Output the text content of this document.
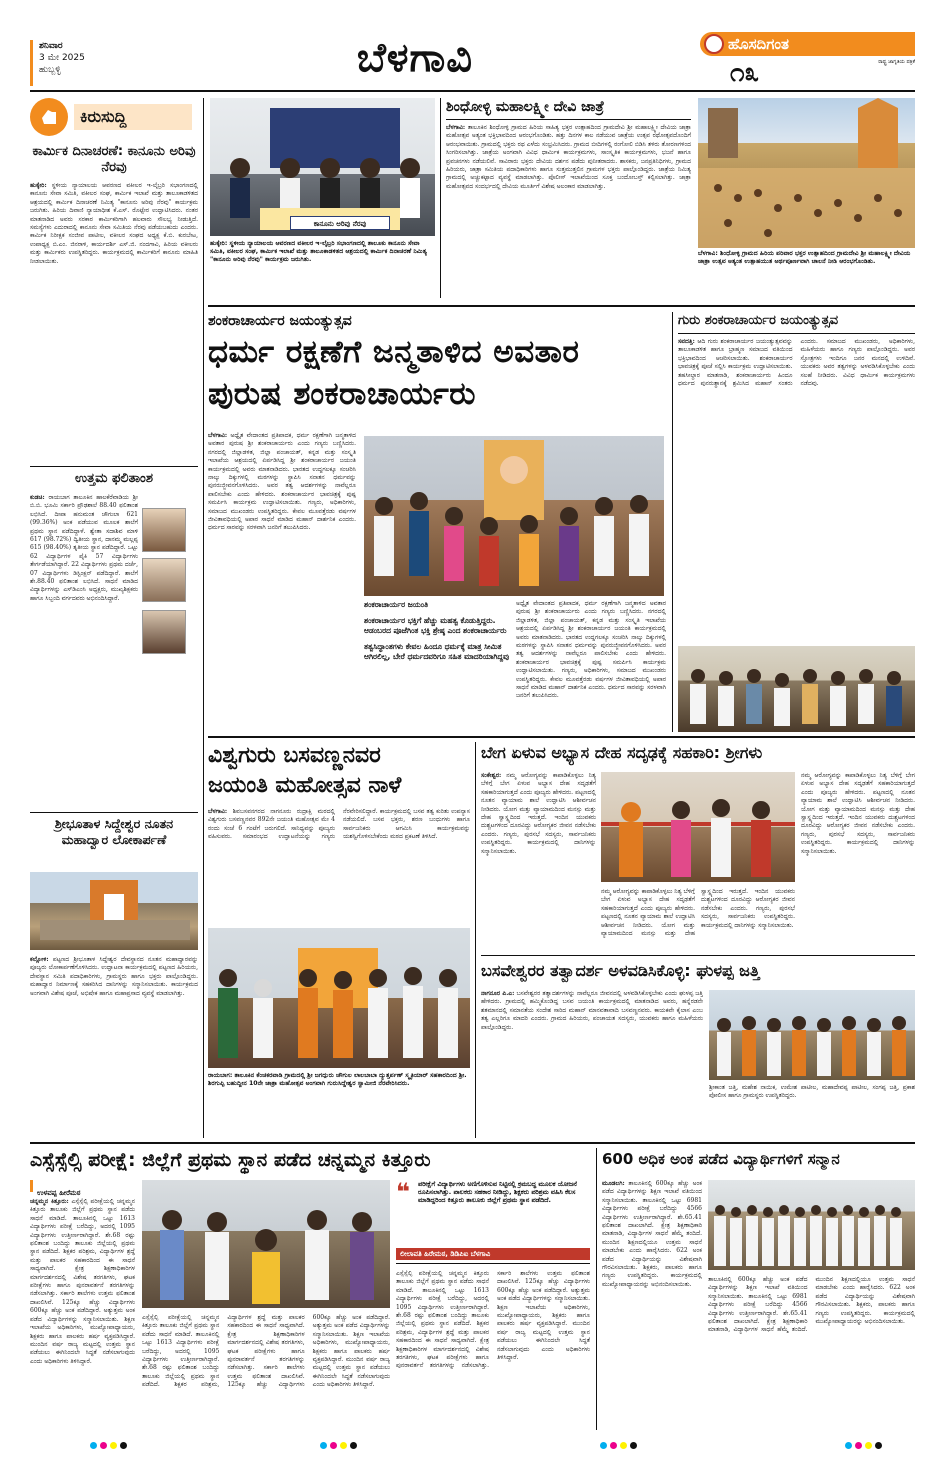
ಶನಿವಾರ
3 ಮೇ 2025
ಹುಬ್ಬಳ್ಳಿ	ಬೆಳಗಾವಿ	ಹೊಸದಿಗಂತ
ರಾಷ್ಟ್ರ ಜಾಗೃತಿಯ ಪತ್ರಿಕೆ
೧೩
ಕಿರುಸುದ್ದಿ
ಕಾರ್ಮಿಕ ದಿನಾಚರಣೆ: ಕಾನೂನು ಅರಿವು ನೆರವು
ಹುಕ್ಕೇರಿ: ಸ್ಥಳೀಯ ನ್ಯಾಯಾಲಯ ಆವರಣದ ವಕೀಲರ ಇ-ಲೈಬ್ರರಿ ಸಭಾಂಗಣದಲ್ಲಿ ಕಾನೂನು ಸೇವಾ ಸಮಿತಿ, ವಕೀಲರ ಸಂಘ, ಕಾರ್ಮಿಕ ಇಲಾಖೆ ಮತ್ತು ತಾಲೂಕಾಡಳಿತದ ಆಶ್ರಯದಲ್ಲಿ ಕಾರ್ಮಿಕ ದಿನಾಚರಣೆ ನಿಮಿತ್ಯ "ಕಾನೂನು ಅರಿವು ನೆರವು" ಕಾರ್ಯಕ್ರಮ ಜರುಗಿತು. ಹಿರಿಯ ದಿವಾಣಿ ನ್ಯಾಯಾಧೀಶ ಕೆ.ಎಸ್. ರೊಟ್ಟೇರ ಉದ್ಘಾಟಿಸಿದರು. ನಂತರ ಮಾತನಾಡಿದ ಅವರು ಸರಕಾರ ಕಾರ್ಮಿಕರಿಗಾಗಿ ಹಲವಾರು ಸೌಲಭ್ಯ ನೀಡುತ್ತಿದೆ. ಸಮಸ್ಯೆಗಳು ಎದುರಾದಲ್ಲಿ ಕಾನೂನು ಸೇವಾ ಸಮಿತಿಯ ನೆರವು ಪಡೆಯಬಹುದು ಎಂದರು. ಕಾರ್ಮಿಕ ನಿರೀಕ್ಷಕ ಸಂಜೀವ ಪಾಟೀಲ, ವಕೀಲರ ಸಂಘದ ಅಧ್ಯಕ್ಷ ಕೆ.ಬಿ. ಕುರಬೇಟ, ಉಪಾಧ್ಯಕ್ಷ ಬಿ.ಎಂ. ಜಿನರಾಳಿ, ಕಾರ್ಯದರ್ಶಿ ಎಸ್.ಜಿ. ನಂದಗಾವಿ, ಹಿರಿಯ ವಕೀಲರು ಮತ್ತು ಕಾರ್ಮಿಕರು ಉಪಸ್ಥಿತರಿದ್ದರು. ಕಾರ್ಯಕ್ರಮದಲ್ಲಿ ಕಾರ್ಮಿಕರಿಗೆ ಕಾನೂನು ಮಾಹಿತಿ ನೀಡಲಾಯಿತು.
ಉತ್ತಮ ಫಲಿತಾಂಶ
ಕುಡಚಿ: ರಾಯಬಾಗ ತಾಲೂಕಿನ ಹಾಲಕೆರೆವಾಡಿಯ ಶ್ರೀ ಬಿ.ಬಿ. ಭೂಮಿ ಸರ್ಕಾರಿ ಪ್ರೌಢಶಾಲೆ 88.40 ಫಲಿತಾಂಶ ಲಭಿಸಿದೆ. ದೀಪಾ ಹನುಮಂತ ಚೌಗುಲಾ 621 (99.36%) ಅಂಕ ಪಡೆಯುವ ಮೂಲಕ ಶಾಲೆಗೆ ಪ್ರಥಮ ಸ್ಥಾನ ಪಡೆದಿದ್ದಾಳೆ. ಶ್ವೇತಾ ಸದಾಶಿವ ಮಾಳಿ 617 (98.72%) ದ್ವಿತೀಯ ಸ್ಥಾನ, ದಾನಮ್ಮ ಮಲ್ಲಪ್ಪ 615 (98.40%) ತೃತೀಯ ಸ್ಥಾನ ಪಡೆದಿದ್ದಾರೆ. ಒಟ್ಟು 62 ವಿದ್ಯಾರ್ಥಿಗಳ ಪೈಕಿ 57 ವಿದ್ಯಾರ್ಥಿಗಳು ತೇರ್ಗಡೆಯಾಗಿದ್ದಾರೆ. 22 ವಿದ್ಯಾರ್ಥಿಗಳು ಪ್ರಥಮ ದರ್ಜೆ, 07 ವಿದ್ಯಾರ್ಥಿಗಳು ಡಿಸ್ಟಿಂಕ್ಷನ್ ಪಡೆದಿದ್ದಾರೆ. ಶಾಲೆಗೆ ಶೇ.88.40 ಫಲಿತಾಂಶ ಲಭಿಸಿದೆ. ಸಾಧನೆ ಮಾಡಿದ ವಿದ್ಯಾರ್ಥಿಗಳನ್ನು ಎಸ್‌ಡಿಎಂಸಿ ಅಧ್ಯಕ್ಷರು, ಮುಖ್ಯಶಿಕ್ಷಕರು ಹಾಗೂ ಸಿಬ್ಬಂದಿ ವರ್ಗದವರು ಅಭಿನಂದಿಸಿದ್ದಾರೆ.
ಶ್ರೀಭೂತಾಳ ಸಿದ್ದೇಶ್ವರ ನೂತನ ಮಹಾದ್ವಾರ ಲೋಕಾರ್ಪಣೆ
ಕಲ್ಲೋಳಿ: ಪಟ್ಟಣದ ಶ್ರೀಭೂತಾಳ ಸಿದ್ದೇಶ್ವರ ದೇವಸ್ಥಾನದ ನೂತನ ಮಹಾದ್ವಾರವನ್ನು ಪೂಜ್ಯರು ಲೋಕಾರ್ಪಣೆಗೊಳಿಸಿದರು. ಉದ್ಘಾಟನಾ ಕಾರ್ಯಕ್ರಮದಲ್ಲಿ ಪಟ್ಟಣದ ಹಿರಿಯರು, ದೇವಸ್ಥಾನ ಸಮಿತಿ ಪದಾಧಿಕಾರಿಗಳು, ಗ್ರಾಮಸ್ಥರು ಹಾಗೂ ಭಕ್ತರು ಪಾಲ್ಗೊಂಡಿದ್ದರು. ಮಹಾದ್ವಾರ ನಿರ್ಮಾಣಕ್ಕೆ ಸಹಕರಿಸಿದ ದಾನಿಗಳನ್ನು ಸನ್ಮಾನಿಸಲಾಯಿತು. ಕಾರ್ಯಕ್ರಮದ ಅಂಗವಾಗಿ ವಿಶೇಷ ಪೂಜೆ, ಅಭಿಷೇಕ ಹಾಗೂ ಮಹಾಪ್ರಸಾದ ವ್ಯವಸ್ಥೆ ಮಾಡಲಾಗಿತ್ತು.
ಕಾನೂನು ಅರಿವು ನೆರವು
ಹುಕ್ಕೇರಿ: ಸ್ಥಳೀಯ ನ್ಯಾಯಾಲಯ ಆವರಣದ ವಕೀಲರ ಇ-ಲೈಬ್ರರಿ ಸಭಾಂಗಣದಲ್ಲಿ ತಾಲೂಕು ಕಾನೂನು ಸೇವಾ ಸಮಿತಿ, ವಕೀಲರ ಸಂಘ, ಕಾರ್ಮಿಕ ಇಲಾಖೆ ಮತ್ತು ತಾಲೂಕಾಡಳಿತದ ಆಶ್ರಯದಲ್ಲಿ ಕಾರ್ಮಿಕ ದಿನಾಚರಣೆ ನಿಮಿತ್ಯ "ಕಾನೂನು ಅರಿವು ನೆರವು" ಕಾರ್ಯಕ್ರಮ ಜರುಗಿತು.
ಶಿಂಧೋಳ್ಳಿ ಮಹಾಲಕ್ಷ್ಮೀ ದೇವಿ ಜಾತ್ರೆ
ಬೆಳಗಾವಿ: ತಾಲೂಕಿನ ಶಿಂಧೋಳ್ಳಿ ಗ್ರಾಮದ ಹಿರಿಯ ಸಾಹಿತ್ಯ ಭಕ್ತರ ಉತ್ಸಾಹದಿಂದ ಗ್ರಾಮದೇವಿ ಶ್ರೀ ಮಹಾಲಕ್ಷ್ಮೀ ದೇವಿಯ ಜಾತ್ರಾ ಮಹೋತ್ಸವ ಅತ್ಯಂತ ಭಕ್ತಿಭಾವದಿಂದ ಆರಂಭಗೊಂಡಿತು. ಹತ್ತು ದಿನಗಳ ಕಾಲ ನಡೆಯುವ ಜಾತ್ರೆಯ ಉತ್ಸವ ರಥೋತ್ಸವದೊಂದಿಗೆ ಆರಂಭವಾಯಿತು. ಗ್ರಾಮದಲ್ಲಿ ಭಕ್ತರು ರಥ ಎಳೆದು ಸಂಭ್ರಮಿಸಿದರು. ಗ್ರಾಮದ ಬೀದಿಗಳಲ್ಲಿ ರಂಗೋಲಿ ಬಿಡಿಸಿ ತಳಿರು ತೋರಣಗಳಿಂದ ಸಿಂಗರಿಸಲಾಗಿತ್ತು. ಜಾತ್ರೆಯ ಅಂಗವಾಗಿ ವಿವಿಧ ಧಾರ್ಮಿಕ ಕಾರ್ಯಕ್ರಮಗಳು, ಸಾಂಸ್ಕೃತಿಕ ಕಾರ್ಯಕ್ರಮಗಳು, ಭಜನೆ ಹಾಗೂ ಪ್ರವಚನಗಳು ನಡೆಯಲಿವೆ. ಸಾವಿರಾರು ಭಕ್ತರು ದೇವಿಯ ದರ್ಶನ ಪಡೆದು ಪುನೀತರಾದರು. ಶಾಸಕರು, ಜನಪ್ರತಿನಿಧಿಗಳು, ಗ್ರಾಮದ ಹಿರಿಯರು, ಜಾತ್ರಾ ಸಮಿತಿಯ ಪದಾಧಿಕಾರಿಗಳು ಹಾಗೂ ಸುತ್ತಮುತ್ತಲಿನ ಗ್ರಾಮಗಳ ಭಕ್ತರು ಪಾಲ್ಗೊಂಡಿದ್ದರು. ಜಾತ್ರೆಯ ನಿಮಿತ್ಯ ಗ್ರಾಮದಲ್ಲಿ ಅಚ್ಚುಕಟ್ಟಾದ ವ್ಯವಸ್ಥೆ ಮಾಡಲಾಗಿತ್ತು. ಪೊಲೀಸ್ ಇಲಾಖೆಯಿಂದ ಸೂಕ್ತ ಬಂದೋಬಸ್ತ್ ಕಲ್ಪಿಸಲಾಗಿತ್ತು. ಜಾತ್ರಾ ಮಹೋತ್ಸವದ ಸಂದರ್ಭದಲ್ಲಿ ದೇವಿಯ ಮೂರ್ತಿಗೆ ವಿಶೇಷ ಅಲಂಕಾರ ಮಾಡಲಾಗಿತ್ತು.
ಬೆಳಗಾವಿ: ಶಿಂಧೋಳ್ಳಿ ಗ್ರಾಮದ ಹಿರಿಯ ಪರಿವಾರ ಭಕ್ತರ ಉತ್ಸಾಹದಿಂದ ಗ್ರಾಮದೇವಿ ಶ್ರೀ ಮಹಾಲಕ್ಷ್ಮೀ ದೇವಿಯ ಜಾತ್ರಾ ಉತ್ಸವ ಅತ್ಯಂತ ಉತ್ಸಾಹಯುತ ಅರ್ಥಪೂರ್ಣವಾಗಿ ಚಾಲನೆ ನೀಡಿ ಆರಂಭಗೊಂಡಿತು.
ಶಂಕರಾಚಾರ್ಯರ ಜಯಂತ್ಯುತ್ಸವ
ಧರ್ಮ ರಕ್ಷಣೆಗೆ ಜನ್ಮತಾಳಿದ ಅವತಾರ
ಪುರುಷ ಶಂಕರಾಚಾರ್ಯರು
ಬೆಳಗಾವಿ: ಅಧ್ವೈತ ವೇದಾಂತದ ಪ್ರತಿಪಾದಕ, ಧರ್ಮ ರಕ್ಷಣೆಗಾಗಿ ಜನ್ಮತಾಳಿದ ಅವತಾರ ಪುರುಷ ಶ್ರೀ ಶಂಕರಾಚಾರ್ಯರು ಎಂದು ಗಣ್ಯರು ಬಣ್ಣಿಸಿದರು. ನಗರದಲ್ಲಿ ಜಿಲ್ಲಾಡಳಿತ, ಜಿಲ್ಲಾ ಪಂಚಾಯತ್, ಕನ್ನಡ ಮತ್ತು ಸಂಸ್ಕೃತಿ ಇಲಾಖೆಯ ಆಶ್ರಯದಲ್ಲಿ ಏರ್ಪಡಿಸಿದ್ದ ಶ್ರೀ ಶಂಕರಾಚಾರ್ಯರ ಜಯಂತಿ ಕಾರ್ಯಕ್ರಮದಲ್ಲಿ ಅವರು ಮಾತನಾಡಿದರು. ಭಾರತದ ಉದ್ದಗಲಕ್ಕೂ ಸಂಚರಿಸಿ ನಾಲ್ಕು ದಿಕ್ಕುಗಳಲ್ಲಿ ಮಠಗಳನ್ನು ಸ್ಥಾಪಿಸಿ ಸನಾತನ ಧರ್ಮವನ್ನು ಪುನರುಜ್ಜೀವನಗೊಳಿಸಿದರು. ಅವರ ತತ್ವ ಆದರ್ಶಗಳನ್ನು ನಾವೆಲ್ಲರೂ ಪಾಲಿಸಬೇಕು ಎಂದು ಹೇಳಿದರು. ಶಂಕರಾಚಾರ್ಯರ ಭಾವಚಿತ್ರಕ್ಕೆ ಪುಷ್ಪ ಸಮರ್ಪಿಸಿ ಕಾರ್ಯಕ್ರಮ ಉದ್ಘಾಟಿಸಲಾಯಿತು. ಗಣ್ಯರು, ಅಧಿಕಾರಿಗಳು, ಸಮಾಜದ ಮುಖಂಡರು ಉಪಸ್ಥಿತರಿದ್ದರು. ಕೇವಲ ಮೂವತ್ತೆರಡು ವರ್ಷಗಳ ಜೀವಿತಾವಧಿಯಲ್ಲಿ ಅಪಾರ ಸಾಧನೆ ಮಾಡಿದ ಮಹಾನ್ ದಾರ್ಶನಿಕ ಎಂದರು. ಧರ್ಮದ ಸಾರವನ್ನು ಸರಳವಾಗಿ ಜನರಿಗೆ ತಲುಪಿಸಿದರು.
ಶಂಕರಾಚಾರ್ಯರ ಜಯಂತಿ
ಶಂಕರಾಚಾರ್ಯರ ಭಕ್ತಿಗೆ ಹೆಚ್ಚು ಮಹತ್ವ ಕೊಡುತ್ತಿದ್ದರು. ಆಡಂಬರದ ಪೂಜೆಗಿಂತ ಭಕ್ತಿ ಶ್ರೇಷ್ಠ ಎಂದ ಶಂಕರಾಚಾರ್ಯರು
ತತ್ವಸಿದ್ಧಾಂತಗಳು ಕೇವಲ ಹಿಂದೂ ಧರ್ಮಕ್ಕೆ ಮಾತ್ರ ಸೀಮಿತ ಆಗಿರಲಿಲ್ಲ, ಬೇರೆ ಧರ್ಮದವರಿಗೂ ಸಹಿತ ಮಾದರಿಯಾಗಿದ್ದವು
ಅಧ್ವೈತ ವೇದಾಂತದ ಪ್ರತಿಪಾದಕ, ಧರ್ಮ ರಕ್ಷಣೆಗಾಗಿ ಜನ್ಮತಾಳಿದ ಅವತಾರ ಪುರುಷ ಶ್ರೀ ಶಂಕರಾಚಾರ್ಯರು ಎಂದು ಗಣ್ಯರು ಬಣ್ಣಿಸಿದರು. ನಗರದಲ್ಲಿ ಜಿಲ್ಲಾಡಳಿತ, ಜಿಲ್ಲಾ ಪಂಚಾಯತ್, ಕನ್ನಡ ಮತ್ತು ಸಂಸ್ಕೃತಿ ಇಲಾಖೆಯ ಆಶ್ರಯದಲ್ಲಿ ಏರ್ಪಡಿಸಿದ್ದ ಶ್ರೀ ಶಂಕರಾಚಾರ್ಯರ ಜಯಂತಿ ಕಾರ್ಯಕ್ರಮದಲ್ಲಿ ಅವರು ಮಾತನಾಡಿದರು. ಭಾರತದ ಉದ್ದಗಲಕ್ಕೂ ಸಂಚರಿಸಿ ನಾಲ್ಕು ದಿಕ್ಕುಗಳಲ್ಲಿ ಮಠಗಳನ್ನು ಸ್ಥಾಪಿಸಿ ಸನಾತನ ಧರ್ಮವನ್ನು ಪುನರುಜ್ಜೀವನಗೊಳಿಸಿದರು. ಅವರ ತತ್ವ ಆದರ್ಶಗಳನ್ನು ನಾವೆಲ್ಲರೂ ಪಾಲಿಸಬೇಕು ಎಂದು ಹೇಳಿದರು. ಶಂಕರಾಚಾರ್ಯರ ಭಾವಚಿತ್ರಕ್ಕೆ ಪುಷ್ಪ ಸಮರ್ಪಿಸಿ ಕಾರ್ಯಕ್ರಮ ಉದ್ಘಾಟಿಸಲಾಯಿತು. ಗಣ್ಯರು, ಅಧಿಕಾರಿಗಳು, ಸಮಾಜದ ಮುಖಂಡರು ಉಪಸ್ಥಿತರಿದ್ದರು. ಕೇವಲ ಮೂವತ್ತೆರಡು ವರ್ಷಗಳ ಜೀವಿತಾವಧಿಯಲ್ಲಿ ಅಪಾರ ಸಾಧನೆ ಮಾಡಿದ ಮಹಾನ್ ದಾರ್ಶನಿಕ ಎಂದರು. ಧರ್ಮದ ಸಾರವನ್ನು ಸರಳವಾಗಿ ಜನರಿಗೆ ತಲುಪಿಸಿದರು.
ಗುರು ಶಂಕರಾಚಾರ್ಯರ ಜಯಂತ್ಯುತ್ಸವ
ಸವದತ್ತಿ: ಆದಿ ಗುರು ಶಂಕರಾಚಾರ್ಯರ ಜಯಂತ್ಯುತ್ಸವವನ್ನು ತಾಲೂಕಾಡಳಿತ ಹಾಗೂ ಬ್ರಾಹ್ಮಣ ಸಮಾಜದ ವತಿಯಿಂದ ಭಕ್ತಿಭಾವದಿಂದ ಆಚರಿಸಲಾಯಿತು. ಶಂಕರಾಚಾರ್ಯರ ಭಾವಚಿತ್ರಕ್ಕೆ ಪೂಜೆ ಸಲ್ಲಿಸಿ ಕಾರ್ಯಕ್ರಮ ಉದ್ಘಾಟಿಸಲಾಯಿತು. ತಹಸೀಲ್ದಾರ ಮಾತನಾಡಿ, ಶಂಕರಾಚಾರ್ಯರು ಹಿಂದೂ ಧರ್ಮದ ಪುನರುತ್ಥಾನಕ್ಕೆ ಶ್ರಮಿಸಿದ ಮಹಾನ್ ಸಂತರು ಎಂದರು. ಸಮಾಜದ ಮುಖಂಡರು, ಅಧಿಕಾರಿಗಳು, ಮಹಿಳೆಯರು ಹಾಗೂ ಗಣ್ಯರು ಪಾಲ್ಗೊಂಡಿದ್ದರು. ಅವರ ಸ್ತೋತ್ರಗಳು ಇಂದಿಗೂ ಜನರ ಮನದಲ್ಲಿ ಉಳಿದಿವೆ. ಯುವಕರು ಅವರ ತತ್ವಗಳನ್ನು ಅಳವಡಿಸಿಕೊಳ್ಳಬೇಕು ಎಂದು ಸಲಹೆ ನೀಡಿದರು. ವಿವಿಧ ಧಾರ್ಮಿಕ ಕಾರ್ಯಕ್ರಮಗಳು ನಡೆದವು.
ವಿಶ್ವಗುರು ಬಸವಣ್ಣನವರ
ಜಯಂತಿ ಮಹೋತ್ಸವ ನಾಳೆ
ಬೆಳಗಾವಿ: ಶಿವಬಸವನಗರದ ನಾಗನೂರು ರುದ್ರಾಕ್ಷಿ ಮಠದಲ್ಲಿ ವಿಶ್ವಗುರು ಬಸವಣ್ಣನವರ 892ನೇ ಜಯಂತಿ ಮಹೋತ್ಸವ ಮೇ 4 ರಂದು ಸಂಜೆ 6 ಗಂಟೆಗೆ ಜರುಗಲಿದೆ. ಸಾನಿಧ್ಯವನ್ನು ಪೂಜ್ಯರು ವಹಿಸುವರು. ಸಮಾರಂಭದ ಉದ್ಘಾಟನೆಯನ್ನು ಗಣ್ಯರು ನೆರವೇರಿಸಲಿದ್ದಾರೆ. ಕಾರ್ಯಕ್ರಮದಲ್ಲಿ ಬಸವ ತತ್ವ ಕುರಿತು ಉಪನ್ಯಾಸ ನಡೆಯಲಿದೆ. ಬಸವ ಭಕ್ತರು, ಶರಣ ಬಂಧುಗಳು ಹಾಗೂ ಸಾರ್ವಜನಿಕರು ಆಗಮಿಸಿ ಕಾರ್ಯಕ್ರಮವನ್ನು ಯಶಸ್ವಿಗೊಳಿಸಬೇಕೆಂದು ಮಠದ ಪ್ರಕಟಣೆ ತಿಳಿಸಿದೆ.
ರಾಯಬಾಗ: ತಾಲೂಕಿನ ಕೆಂಚಕರವಾಡಿ ಗ್ರಾಮದಲ್ಲಿ ಶ್ರೀ ಜಗದ್ಗುರು ಚೌಗುಲ ಲಾಲಬಾಬಾ ದ್ಯುತ್ತರ್ಪಣ್ ಸ್ಮೃತಿಯಾರ್ ಸಹಕಾರದಿಂದ ಶ್ರೀ. ಶಿರಗುಪ್ಪಿ ಬಹುದ್ದೀನ 10ನೇ ಜಾತ್ರಾ ಮಹೋತ್ಸವ ಅಂಗವಾಗಿ ಗುರುಸಿದ್ದೇಶ್ವರ ಸ್ವಾಮೀಜಿ ನೆರವೇರಿಸಿದರು.
ಬೇಗ ಏಳುವ ಅಭ್ಯಾಸ ದೇಹ ಸದೃಢಕ್ಕೆ ಸಹಕಾರಿ: ಶ್ರೀಗಳು
ಸಂಕೇಶ್ವರ: ನಮ್ಮ ಆರೋಗ್ಯವನ್ನು ಕಾಪಾಡಿಕೊಳ್ಳಲು ನಿತ್ಯ ಬೆಳಿಗ್ಗೆ ಬೇಗ ಏಳುವ ಅಭ್ಯಾಸ ದೇಹ ಸದೃಢತೆಗೆ ಸಹಕಾರಿಯಾಗುತ್ತದೆ ಎಂದು ಪೂಜ್ಯರು ಹೇಳಿದರು. ಪಟ್ಟಣದಲ್ಲಿ ನೂತನ ವ್ಯಾಯಾಮ ಶಾಲೆ ಉದ್ಘಾಟಿಸಿ ಆಶೀರ್ವಚನ ನೀಡಿದರು. ಯೋಗ ಮತ್ತು ವ್ಯಾಯಾಮದಿಂದ ಮನಸ್ಸು ಮತ್ತು ದೇಹ ಸ್ವಾಸ್ಥ್ಯದಿಂದ ಇರುತ್ತದೆ. ಇಂದಿನ ಯುವಕರು ದುಶ್ಚಟಗಳಿಂದ ದೂರವಿದ್ದು ಆರೋಗ್ಯಕರ ಜೀವನ ನಡೆಸಬೇಕು ಎಂದರು. ಗಣ್ಯರು, ಪುರಸಭೆ ಸದಸ್ಯರು, ಸಾರ್ವಜನಿಕರು ಉಪಸ್ಥಿತರಿದ್ದರು. ಕಾರ್ಯಕ್ರಮದಲ್ಲಿ ದಾನಿಗಳನ್ನು ಸನ್ಮಾನಿಸಲಾಯಿತು.
ನಮ್ಮ ಆರೋಗ್ಯವನ್ನು ಕಾಪಾಡಿಕೊಳ್ಳಲು ನಿತ್ಯ ಬೆಳಿಗ್ಗೆ ಬೇಗ ಏಳುವ ಅಭ್ಯಾಸ ದೇಹ ಸದೃಢತೆಗೆ ಸಹಕಾರಿಯಾಗುತ್ತದೆ ಎಂದು ಪೂಜ್ಯರು ಹೇಳಿದರು. ಪಟ್ಟಣದಲ್ಲಿ ನೂತನ ವ್ಯಾಯಾಮ ಶಾಲೆ ಉದ್ಘಾಟಿಸಿ ಆಶೀರ್ವಚನ ನೀಡಿದರು. ಯೋಗ ಮತ್ತು ವ್ಯಾಯಾಮದಿಂದ ಮನಸ್ಸು ಮತ್ತು ದೇಹ ಸ್ವಾಸ್ಥ್ಯದಿಂದ ಇರುತ್ತದೆ. ಇಂದಿನ ಯುವಕರು ದುಶ್ಚಟಗಳಿಂದ ದೂರವಿದ್ದು ಆರೋಗ್ಯಕರ ಜೀವನ ನಡೆಸಬೇಕು ಎಂದರು. ಗಣ್ಯರು, ಪುರಸಭೆ ಸದಸ್ಯರು, ಸಾರ್ವಜನಿಕರು ಉಪಸ್ಥಿತರಿದ್ದರು. ಕಾರ್ಯಕ್ರಮದಲ್ಲಿ ದಾನಿಗಳನ್ನು ಸನ್ಮಾನಿಸಲಾಯಿತು.
ನಮ್ಮ ಆರೋಗ್ಯವನ್ನು ಕಾಪಾಡಿಕೊಳ್ಳಲು ನಿತ್ಯ ಬೆಳಿಗ್ಗೆ ಬೇಗ ಏಳುವ ಅಭ್ಯಾಸ ದೇಹ ಸದೃಢತೆಗೆ ಸಹಕಾರಿಯಾಗುತ್ತದೆ ಎಂದು ಪೂಜ್ಯರು ಹೇಳಿದರು. ಪಟ್ಟಣದಲ್ಲಿ ನೂತನ ವ್ಯಾಯಾಮ ಶಾಲೆ ಉದ್ಘಾಟಿಸಿ ಆಶೀರ್ವಚನ ನೀಡಿದರು. ಯೋಗ ಮತ್ತು ವ್ಯಾಯಾಮದಿಂದ ಮನಸ್ಸು ಮತ್ತು ದೇಹ ಸ್ವಾಸ್ಥ್ಯದಿಂದ ಇರುತ್ತದೆ. ಇಂದಿನ ಯುವಕರು ದುಶ್ಚಟಗಳಿಂದ ದೂರವಿದ್ದು ಆರೋಗ್ಯಕರ ಜೀವನ ನಡೆಸಬೇಕು ಎಂದರು. ಗಣ್ಯರು, ಪುರಸಭೆ ಸದಸ್ಯರು, ಸಾರ್ವಜನಿಕರು ಉಪಸ್ಥಿತರಿದ್ದರು. ಕಾರ್ಯಕ್ರಮದಲ್ಲಿ ದಾನಿಗಳನ್ನು ಸನ್ಮಾನಿಸಲಾಯಿತು.
ಬಸವೇಶ್ವರರ ತತ್ವಾದರ್ಶ ಅಳವಡಿಸಿಕೊಳ್ಳಿ: ಘುಳಪ್ಪ ಜತ್ತಿ
ನಾಗನೂರ ಪಿ.ಎ: ಬಸವೇಶ್ವರರ ತತ್ವಾದರ್ಶಗಳನ್ನು ನಾವೆಲ್ಲರೂ ಜೀವನದಲ್ಲಿ ಅಳವಡಿಸಿಕೊಳ್ಳಬೇಕು ಎಂದು ಘುಳಪ್ಪ ಜತ್ತಿ ಹೇಳಿದರು. ಗ್ರಾಮದಲ್ಲಿ ಹಮ್ಮಿಕೊಂಡಿದ್ದ ಬಸವ ಜಯಂತಿ ಕಾರ್ಯಕ್ರಮದಲ್ಲಿ ಮಾತನಾಡಿದ ಅವರು, ಹನ್ನೆರಡನೇ ಶತಮಾನದಲ್ಲಿ ಸಮಾನತೆಯ ಸಂದೇಶ ಸಾರಿದ ಮಹಾನ್ ಮಾನವತಾವಾದಿ ಬಸವಣ್ಣನವರು. ಕಾಯಕವೇ ಕೈಲಾಸ ಎಂಬ ತತ್ವ ಎಲ್ಲರಿಗೂ ಮಾದರಿ ಎಂದರು. ಗ್ರಾಮದ ಹಿರಿಯರು, ಪಂಚಾಯತ ಸದಸ್ಯರು, ಯುವಕರು ಹಾಗೂ ಮಹಿಳೆಯರು ಪಾಲ್ಗೊಂಡಿದ್ದರು.
ಶ್ರೀಕಾಂತ ಜತ್ತಿ, ಮಹೇಶ ನಾಯಿಕ, ಉಮೇಶ ಪಾಟೀಲ, ಮಹಾದೇವಪ್ಪ ಪಾಟೀಲ, ಸಂಗಪ್ಪ ಜತ್ತಿ, ಪ್ರಕಾಶ ಪೋಲೀಸ ಹಾಗೂ ಗ್ರಾಮಸ್ಥರು ಉಪಸ್ಥಿತರಿದ್ದರು.
ಎಸ್ಸೆಸ್ಸೆಲ್ಸಿ ಪರೀಕ್ಷೆ: ಜಿಲ್ಲೆಗೆ ಪ್ರಥಮ ಸ್ಥಾನ ಪಡೆದ ಚನ್ನಮ್ಮನ ಕಿತ್ತೂರು
ಉಳವಪ್ಪ ಹೀರೆಮಠ
ಚನ್ನಮ್ಮನ ಕಿತ್ತೂರು: ಎಸ್ಸೆಸ್ಸೆಲ್ಸಿ ಪರೀಕ್ಷೆಯಲ್ಲಿ ಚನ್ನಮ್ಮನ ಕಿತ್ತೂರು ತಾಲೂಕು ಜಿಲ್ಲೆಗೆ ಪ್ರಥಮ ಸ್ಥಾನ ಪಡೆದು ಸಾಧನೆ ಮಾಡಿದೆ. ತಾಲೂಕಿನಲ್ಲಿ ಒಟ್ಟು 1613 ವಿದ್ಯಾರ್ಥಿಗಳು ಪರೀಕ್ಷೆ ಬರೆದಿದ್ದು, ಅದರಲ್ಲಿ 1095 ವಿದ್ಯಾರ್ಥಿಗಳು ಉತ್ತೀರ್ಣರಾಗಿದ್ದಾರೆ. ಶೇ.68 ರಷ್ಟು ಫಲಿತಾಂಶ ಬಂದಿದ್ದು ತಾಲೂಕು ಜಿಲ್ಲೆಯಲ್ಲಿ ಪ್ರಥಮ ಸ್ಥಾನ ಪಡೆದಿದೆ. ಶಿಕ್ಷಕರ ಪರಿಶ್ರಮ, ವಿದ್ಯಾರ್ಥಿಗಳ ಶ್ರದ್ಧೆ ಮತ್ತು ಪಾಲಕರ ಸಹಕಾರದಿಂದ ಈ ಸಾಧನೆ ಸಾಧ್ಯವಾಗಿದೆ. ಕ್ಷೇತ್ರ ಶಿಕ್ಷಣಾಧಿಕಾರಿಗಳ ಮಾರ್ಗದರ್ಶನದಲ್ಲಿ ವಿಶೇಷ ತರಗತಿಗಳು, ಘಟಕ ಪರೀಕ್ಷೆಗಳು ಹಾಗೂ ಪುನರಾವರ್ತನೆ ತರಗತಿಗಳನ್ನು ನಡೆಸಲಾಗಿತ್ತು. ಸರ್ಕಾರಿ ಶಾಲೆಗಳು ಉತ್ತಮ ಫಲಿತಾಂಶ ದಾಖಲಿಸಿವೆ. 125ಕ್ಕೂ ಹೆಚ್ಚು ವಿದ್ಯಾರ್ಥಿಗಳು 600ಕ್ಕೂ ಹೆಚ್ಚು ಅಂಕ ಪಡೆದಿದ್ದಾರೆ. ಅತ್ಯುತ್ತಮ ಅಂಕ ಪಡೆದ ವಿದ್ಯಾರ್ಥಿಗಳನ್ನು ಸನ್ಮಾನಿಸಲಾಯಿತು. ಶಿಕ್ಷಣ ಇಲಾಖೆಯ ಅಧಿಕಾರಿಗಳು, ಮುಖ್ಯೋಪಾಧ್ಯಾಯರು, ಶಿಕ್ಷಕರು ಹಾಗೂ ಪಾಲಕರು ಹರ್ಷ ವ್ಯಕ್ತಪಡಿಸಿದ್ದಾರೆ. ಮುಂದಿನ ವರ್ಷ ರಾಜ್ಯ ಮಟ್ಟದಲ್ಲಿ ಉತ್ತಮ ಸ್ಥಾನ ಪಡೆಯಲು ಈಗಿನಿಂದಲೇ ಸಿದ್ಧತೆ ನಡೆಸಲಾಗುವುದು ಎಂದು ಅಧಿಕಾರಿಗಳು ತಿಳಿಸಿದ್ದಾರೆ.
ಎಸ್ಸೆಸ್ಸೆಲ್ಸಿ ಪರೀಕ್ಷೆಯಲ್ಲಿ ಚನ್ನಮ್ಮನ ಕಿತ್ತೂರು ತಾಲೂಕು ಜಿಲ್ಲೆಗೆ ಪ್ರಥಮ ಸ್ಥಾನ ಪಡೆದು ಸಾಧನೆ ಮಾಡಿದೆ. ತಾಲೂಕಿನಲ್ಲಿ ಒಟ್ಟು 1613 ವಿದ್ಯಾರ್ಥಿಗಳು ಪರೀಕ್ಷೆ ಬರೆದಿದ್ದು, ಅದರಲ್ಲಿ 1095 ವಿದ್ಯಾರ್ಥಿಗಳು ಉತ್ತೀರ್ಣರಾಗಿದ್ದಾರೆ. ಶೇ.68 ರಷ್ಟು ಫಲಿತಾಂಶ ಬಂದಿದ್ದು ತಾಲೂಕು ಜಿಲ್ಲೆಯಲ್ಲಿ ಪ್ರಥಮ ಸ್ಥಾನ ಪಡೆದಿದೆ. ಶಿಕ್ಷಕರ ಪರಿಶ್ರಮ, ವಿದ್ಯಾರ್ಥಿಗಳ ಶ್ರದ್ಧೆ ಮತ್ತು ಪಾಲಕರ ಸಹಕಾರದಿಂದ ಈ ಸಾಧನೆ ಸಾಧ್ಯವಾಗಿದೆ. ಕ್ಷೇತ್ರ ಶಿಕ್ಷಣಾಧಿಕಾರಿಗಳ ಮಾರ್ಗದರ್ಶನದಲ್ಲಿ ವಿಶೇಷ ತರಗತಿಗಳು, ಘಟಕ ಪರೀಕ್ಷೆಗಳು ಹಾಗೂ ಪುನರಾವರ್ತನೆ ತರಗತಿಗಳನ್ನು ನಡೆಸಲಾಗಿತ್ತು. ಸರ್ಕಾರಿ ಶಾಲೆಗಳು ಉತ್ತಮ ಫಲಿತಾಂಶ ದಾಖಲಿಸಿವೆ. 125ಕ್ಕೂ ಹೆಚ್ಚು ವಿದ್ಯಾರ್ಥಿಗಳು 600ಕ್ಕೂ ಹೆಚ್ಚು ಅಂಕ ಪಡೆದಿದ್ದಾರೆ. ಅತ್ಯುತ್ತಮ ಅಂಕ ಪಡೆದ ವಿದ್ಯಾರ್ಥಿಗಳನ್ನು ಸನ್ಮಾನಿಸಲಾಯಿತು. ಶಿಕ್ಷಣ ಇಲಾಖೆಯ ಅಧಿಕಾರಿಗಳು, ಮುಖ್ಯೋಪಾಧ್ಯಾಯರು, ಶಿಕ್ಷಕರು ಹಾಗೂ ಪಾಲಕರು ಹರ್ಷ ವ್ಯಕ್ತಪಡಿಸಿದ್ದಾರೆ. ಮುಂದಿನ ವರ್ಷ ರಾಜ್ಯ ಮಟ್ಟದಲ್ಲಿ ಉತ್ತಮ ಸ್ಥಾನ ಪಡೆಯಲು ಈಗಿನಿಂದಲೇ ಸಿದ್ಧತೆ ನಡೆಸಲಾಗುವುದು ಎಂದು ಅಧಿಕಾರಿಗಳು ತಿಳಿಸಿದ್ದಾರೆ.
❝	ಪರೀಕ್ಷೆಗೆ ವಿದ್ಯಾರ್ಥಿಗಳು ಅಣಿಗೊಳಿಸುವ ನಿಟ್ಟಿನಲ್ಲಿ ಕ್ರಮಬದ್ಧ ಮೂಲಕ ಯೋಜನೆ ರೂಪಿಸಲಾಗಿತ್ತು. ಪಾಲಕರು ಸಹಕಾರ ನೀಡಿದ್ದು, ಶಿಕ್ಷಕರು ಪರಿಶ್ರಮ ವಹಿಸಿ ಕೆಲಸ ಮಾಡಿದ್ದರಿಂದ ಕಿತ್ತೂರು ತಾಲೂಕು ಜಿಲ್ಲೆಗೆ ಪ್ರಥಮ ಸ್ಥಾನ ಪಡೆದಿದೆ.
ಲೀಲಾವತಿ ಹಿರೇಮಠ, ಡಿಡಿಪಿಐ ಬೆಳಗಾವಿ
ಎಸ್ಸೆಸ್ಸೆಲ್ಸಿ ಪರೀಕ್ಷೆಯಲ್ಲಿ ಚನ್ನಮ್ಮನ ಕಿತ್ತೂರು ತಾಲೂಕು ಜಿಲ್ಲೆಗೆ ಪ್ರಥಮ ಸ್ಥಾನ ಪಡೆದು ಸಾಧನೆ ಮಾಡಿದೆ. ತಾಲೂಕಿನಲ್ಲಿ ಒಟ್ಟು 1613 ವಿದ್ಯಾರ್ಥಿಗಳು ಪರೀಕ್ಷೆ ಬರೆದಿದ್ದು, ಅದರಲ್ಲಿ 1095 ವಿದ್ಯಾರ್ಥಿಗಳು ಉತ್ತೀರ್ಣರಾಗಿದ್ದಾರೆ. ಶೇ.68 ರಷ್ಟು ಫಲಿತಾಂಶ ಬಂದಿದ್ದು ತಾಲೂಕು ಜಿಲ್ಲೆಯಲ್ಲಿ ಪ್ರಥಮ ಸ್ಥಾನ ಪಡೆದಿದೆ. ಶಿಕ್ಷಕರ ಪರಿಶ್ರಮ, ವಿದ್ಯಾರ್ಥಿಗಳ ಶ್ರದ್ಧೆ ಮತ್ತು ಪಾಲಕರ ಸಹಕಾರದಿಂದ ಈ ಸಾಧನೆ ಸಾಧ್ಯವಾಗಿದೆ. ಕ್ಷೇತ್ರ ಶಿಕ್ಷಣಾಧಿಕಾರಿಗಳ ಮಾರ್ಗದರ್ಶನದಲ್ಲಿ ವಿಶೇಷ ತರಗತಿಗಳು, ಘಟಕ ಪರೀಕ್ಷೆಗಳು ಹಾಗೂ ಪುನರಾವರ್ತನೆ ತರಗತಿಗಳನ್ನು ನಡೆಸಲಾಗಿತ್ತು. ಸರ್ಕಾರಿ ಶಾಲೆಗಳು ಉತ್ತಮ ಫಲಿತಾಂಶ ದಾಖಲಿಸಿವೆ. 125ಕ್ಕೂ ಹೆಚ್ಚು ವಿದ್ಯಾರ್ಥಿಗಳು 600ಕ್ಕೂ ಹೆಚ್ಚು ಅಂಕ ಪಡೆದಿದ್ದಾರೆ. ಅತ್ಯುತ್ತಮ ಅಂಕ ಪಡೆದ ವಿದ್ಯಾರ್ಥಿಗಳನ್ನು ಸನ್ಮಾನಿಸಲಾಯಿತು. ಶಿಕ್ಷಣ ಇಲಾಖೆಯ ಅಧಿಕಾರಿಗಳು, ಮುಖ್ಯೋಪಾಧ್ಯಾಯರು, ಶಿಕ್ಷಕರು ಹಾಗೂ ಪಾಲಕರು ಹರ್ಷ ವ್ಯಕ್ತಪಡಿಸಿದ್ದಾರೆ. ಮುಂದಿನ ವರ್ಷ ರಾಜ್ಯ ಮಟ್ಟದಲ್ಲಿ ಉತ್ತಮ ಸ್ಥಾನ ಪಡೆಯಲು ಈಗಿನಿಂದಲೇ ಸಿದ್ಧತೆ ನಡೆಸಲಾಗುವುದು ಎಂದು ಅಧಿಕಾರಿಗಳು ತಿಳಿಸಿದ್ದಾರೆ.
600 ಅಧಿಕ ಅಂಕ ಪಡೆದ ವಿದ್ಯಾರ್ಥಿಗಳಿಗೆ ಸನ್ಮಾನ
ಮೂಡಲಗಿ: ತಾಲೂಕಿನಲ್ಲಿ 600ಕ್ಕೂ ಹೆಚ್ಚು ಅಂಕ ಪಡೆದ ವಿದ್ಯಾರ್ಥಿಗಳನ್ನು ಶಿಕ್ಷಣ ಇಲಾಖೆ ವತಿಯಿಂದ ಸನ್ಮಾನಿಸಲಾಯಿತು. ತಾಲೂಕಿನಲ್ಲಿ ಒಟ್ಟು 6981 ವಿದ್ಯಾರ್ಥಿಗಳು ಪರೀಕ್ಷೆ ಬರೆದಿದ್ದು 4566 ವಿದ್ಯಾರ್ಥಿಗಳು ಉತ್ತೀರ್ಣರಾಗಿದ್ದಾರೆ. ಶೇ.65.41 ಫಲಿತಾಂಶ ದಾಖಲಾಗಿದೆ. ಕ್ಷೇತ್ರ ಶಿಕ್ಷಣಾಧಿಕಾರಿ ಮಾತನಾಡಿ, ವಿದ್ಯಾರ್ಥಿಗಳ ಸಾಧನೆ ಹೆಮ್ಮೆ ತಂದಿದೆ. ಮುಂದಿನ ಶಿಕ್ಷಣದಲ್ಲಿಯೂ ಉತ್ತಮ ಸಾಧನೆ ಮಾಡಬೇಕು ಎಂದು ಹಾರೈಸಿದರು. 622 ಅಂಕ ಪಡೆದ ವಿದ್ಯಾರ್ಥಿಯನ್ನು ವಿಶೇಷವಾಗಿ ಗೌರವಿಸಲಾಯಿತು. ಶಿಕ್ಷಕರು, ಪಾಲಕರು ಹಾಗೂ ಗಣ್ಯರು ಉಪಸ್ಥಿತರಿದ್ದರು. ಕಾರ್ಯಕ್ರಮದಲ್ಲಿ ಮುಖ್ಯೋಪಾಧ್ಯಾಯರನ್ನು ಅಭಿನಂದಿಸಲಾಯಿತು.
ತಾಲೂಕಿನಲ್ಲಿ 600ಕ್ಕೂ ಹೆಚ್ಚು ಅಂಕ ಪಡೆದ ವಿದ್ಯಾರ್ಥಿಗಳನ್ನು ಶಿಕ್ಷಣ ಇಲಾಖೆ ವತಿಯಿಂದ ಸನ್ಮಾನಿಸಲಾಯಿತು. ತಾಲೂಕಿನಲ್ಲಿ ಒಟ್ಟು 6981 ವಿದ್ಯಾರ್ಥಿಗಳು ಪರೀಕ್ಷೆ ಬರೆದಿದ್ದು 4566 ವಿದ್ಯಾರ್ಥಿಗಳು ಉತ್ತೀರ್ಣರಾಗಿದ್ದಾರೆ. ಶೇ.65.41 ಫಲಿತಾಂಶ ದಾಖಲಾಗಿದೆ. ಕ್ಷೇತ್ರ ಶಿಕ್ಷಣಾಧಿಕಾರಿ ಮಾತನಾಡಿ, ವಿದ್ಯಾರ್ಥಿಗಳ ಸಾಧನೆ ಹೆಮ್ಮೆ ತಂದಿದೆ. ಮುಂದಿನ ಶಿಕ್ಷಣದಲ್ಲಿಯೂ ಉತ್ತಮ ಸಾಧನೆ ಮಾಡಬೇಕು ಎಂದು ಹಾರೈಸಿದರು. 622 ಅಂಕ ಪಡೆದ ವಿದ್ಯಾರ್ಥಿಯನ್ನು ವಿಶೇಷವಾಗಿ ಗೌರವಿಸಲಾಯಿತು. ಶಿಕ್ಷಕರು, ಪಾಲಕರು ಹಾಗೂ ಗಣ್ಯರು ಉಪಸ್ಥಿತರಿದ್ದರು. ಕಾರ್ಯಕ್ರಮದಲ್ಲಿ ಮುಖ್ಯೋಪಾಧ್ಯಾಯರನ್ನು ಅಭಿನಂದಿಸಲಾಯಿತು.
